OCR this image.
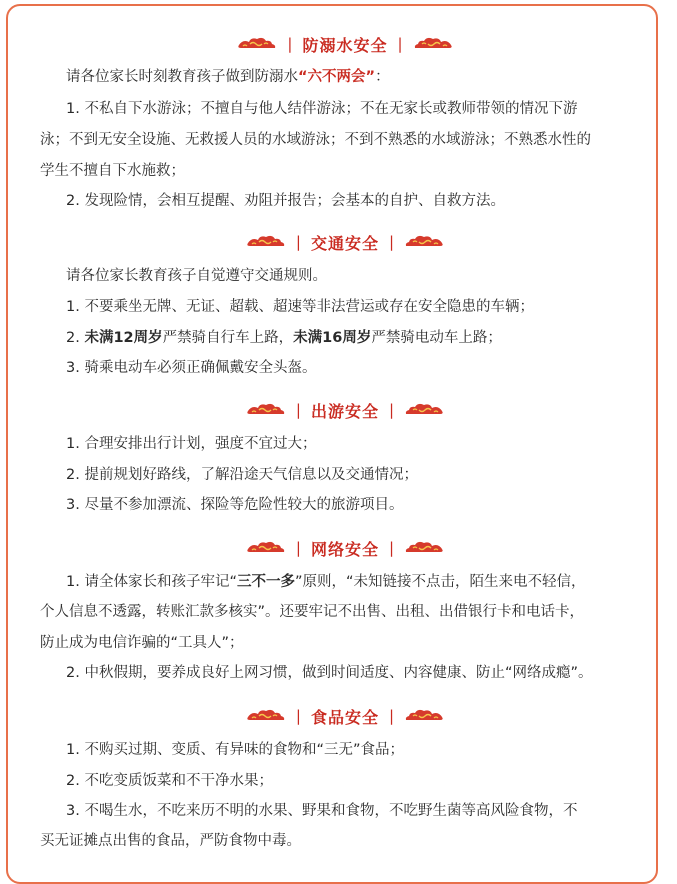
| 防溺水安全 |
请各位家长时刻教育孩子做到防溺水“六不两会”：
1. 不私自下水游泳；不擅自与他人结伴游泳；不在无家长或教师带领的情况下游
泳；不到无安全设施、无救援人员的水域游泳；不到不熟悉的水域游泳；不熟悉水性的
学生不擅自下水施救；
2. 发现险情，会相互提醒、劝阻并报告；会基本的自护、自救方法。
| 交通安全 |
请各位家长教育孩子自觉遵守交通规则。
1. 不要乘坐无牌、无证、超载、超速等非法营运或存在安全隐患的车辆；
2. 未满12周岁严禁骑自行车上路，未满16周岁严禁骑电动车上路；
3. 骑乘电动车必须正确佩戴安全头盔。
| 出游安全 |
1. 合理安排出行计划，强度不宜过大；
2. 提前规划好路线，了解沿途天气信息以及交通情况；
3. 尽量不参加漂流、探险等危险性较大的旅游项目。
| 网络安全 |
1. 请全体家长和孩子牢记“三不一多”原则，“未知链接不点击，陌生来电不轻信，
个人信息不透露，转账汇款多核实”。还要牢记不出售、出租、出借银行卡和电话卡，
防止成为电信诈骗的“工具人”；
2. 中秋假期，要养成良好上网习惯，做到时间适度、内容健康、防止“网络成瘾”。
| 食品安全 |
1. 不购买过期、变质、有异味的食物和“三无”食品；
2. 不吃变质饭菜和不干净水果；
3. 不喝生水，不吃来历不明的水果、野果和食物，不吃野生菌等高风险食物，不
买无证摊点出售的食品，严防食物中毒。
